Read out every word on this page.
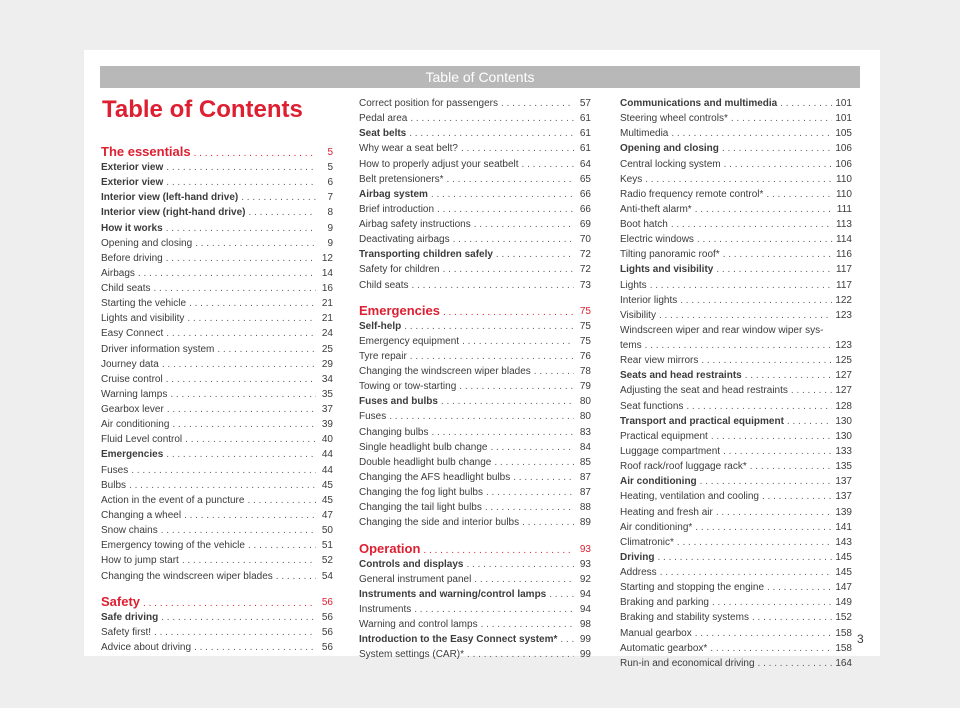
Table of Contents
Table of Contents
The essentials . . .	5
Exterior view . . .	5
Exterior view . . .	6
Interior view (left-hand drive) . . .	7
Interior view (right-hand drive) . . .	8
How it works . . .	9
Opening and closing . . .	9
Before driving . . .	12
Airbags . . .	14
Child seats . . .	16
Starting the vehicle . . .	21
Lights and visibility . . .	21
Easy Connect . . .	24
Driver information system . . .	25
Journey data . . .	29
Cruise control . . .	34
Warning lamps . . .	35
Gearbox lever . . .	37
Air conditioning . . .	39
Fluid Level control . . .	40
Emergencies . . .	44
Fuses . . .	44
Bulbs . . .	45
Action in the event of a puncture . . .	45
Changing a wheel . . .	47
Snow chains . . .	50
Emergency towing of the vehicle . . .	51
How to jump start . . .	52
Changing the windscreen wiper blades . . .	54
Safety . . .	56
Safe driving . . .	56
Safety first! . . .	56
Advice about driving . . .	56
Correct position for passengers . . .	57
Pedal area . . .	61
Seat belts . . .	61
Why wear a seat belt? . . .	61
How to properly adjust your seatbelt . . .	64
Belt pretensioners* . . .	65
Airbag system . . .	66
Brief introduction . . .	66
Airbag safety instructions . . .	69
Deactivating airbags . . .	70
Transporting children safely . . .	72
Safety for children . . .	72
Child seats . . .	73
Emergencies . . .	75
Self-help . . .	75
Emergency equipment . . .	75
Tyre repair . . .	76
Changing the windscreen wiper blades . . .	78
Towing or tow-starting . . .	79
Fuses and bulbs . . .	80
Fuses . . .	80
Changing bulbs . . .	83
Single headlight bulb change . . .	84
Double headlight bulb change . . .	85
Changing the AFS headlight bulbs . . .	87
Changing the fog light bulbs . . .	87
Changing the tail light bulbs . . .	88
Changing the side and interior bulbs . . .	89
Operation . . .	93
Controls and displays . . .	93
General instrument panel . . .	92
Instruments and warning/control lamps . . .	94
Instruments . . .	94
Warning and control lamps . . .	98
Introduction to the Easy Connect system* . . . 99
System settings (CAR)* . . .	99
Communications and multimedia . . .	101
Steering wheel controls* . . .	101
Multimedia . . .	105
Opening and closing . . .	106
Central locking system . . .	106
Keys . . .	110
Radio frequency remote control* . . .	110
Anti-theft alarm* . . .	111
Boot hatch . . .	113
Electric windows . . .	114
Tilting panoramic roof* . . .	116
Lights and visibility . . .	117
Lights . . .	117
Interior lights . . .	122
Visibility . . .	123
Windscreen wiper and rear window wiper sys-
tems . . .	123
Rear view mirrors . . .	125
Seats and head restraints . . .	127
Adjusting the seat and head restraints . . .	127
Seat functions . . .	128
Transport and practical equipment . . .	130
Practical equipment . . .	130
Luggage compartment . . .	133
Roof rack/roof luggage rack* . . .	135
Air conditioning . . .	137
Heating, ventilation and cooling . . .	137
Heating and fresh air . . .	139
Air conditioning* . . .	141
Climatronic* . . .	143
Driving . . .	145
Address . . .	145
Starting and stopping the engine . . .	147
Braking and parking . . .	149
Braking and stability systems . . .	152
Manual gearbox . . .	158
Automatic gearbox* . . .	158
Run-in and economical driving . . .	164
3
